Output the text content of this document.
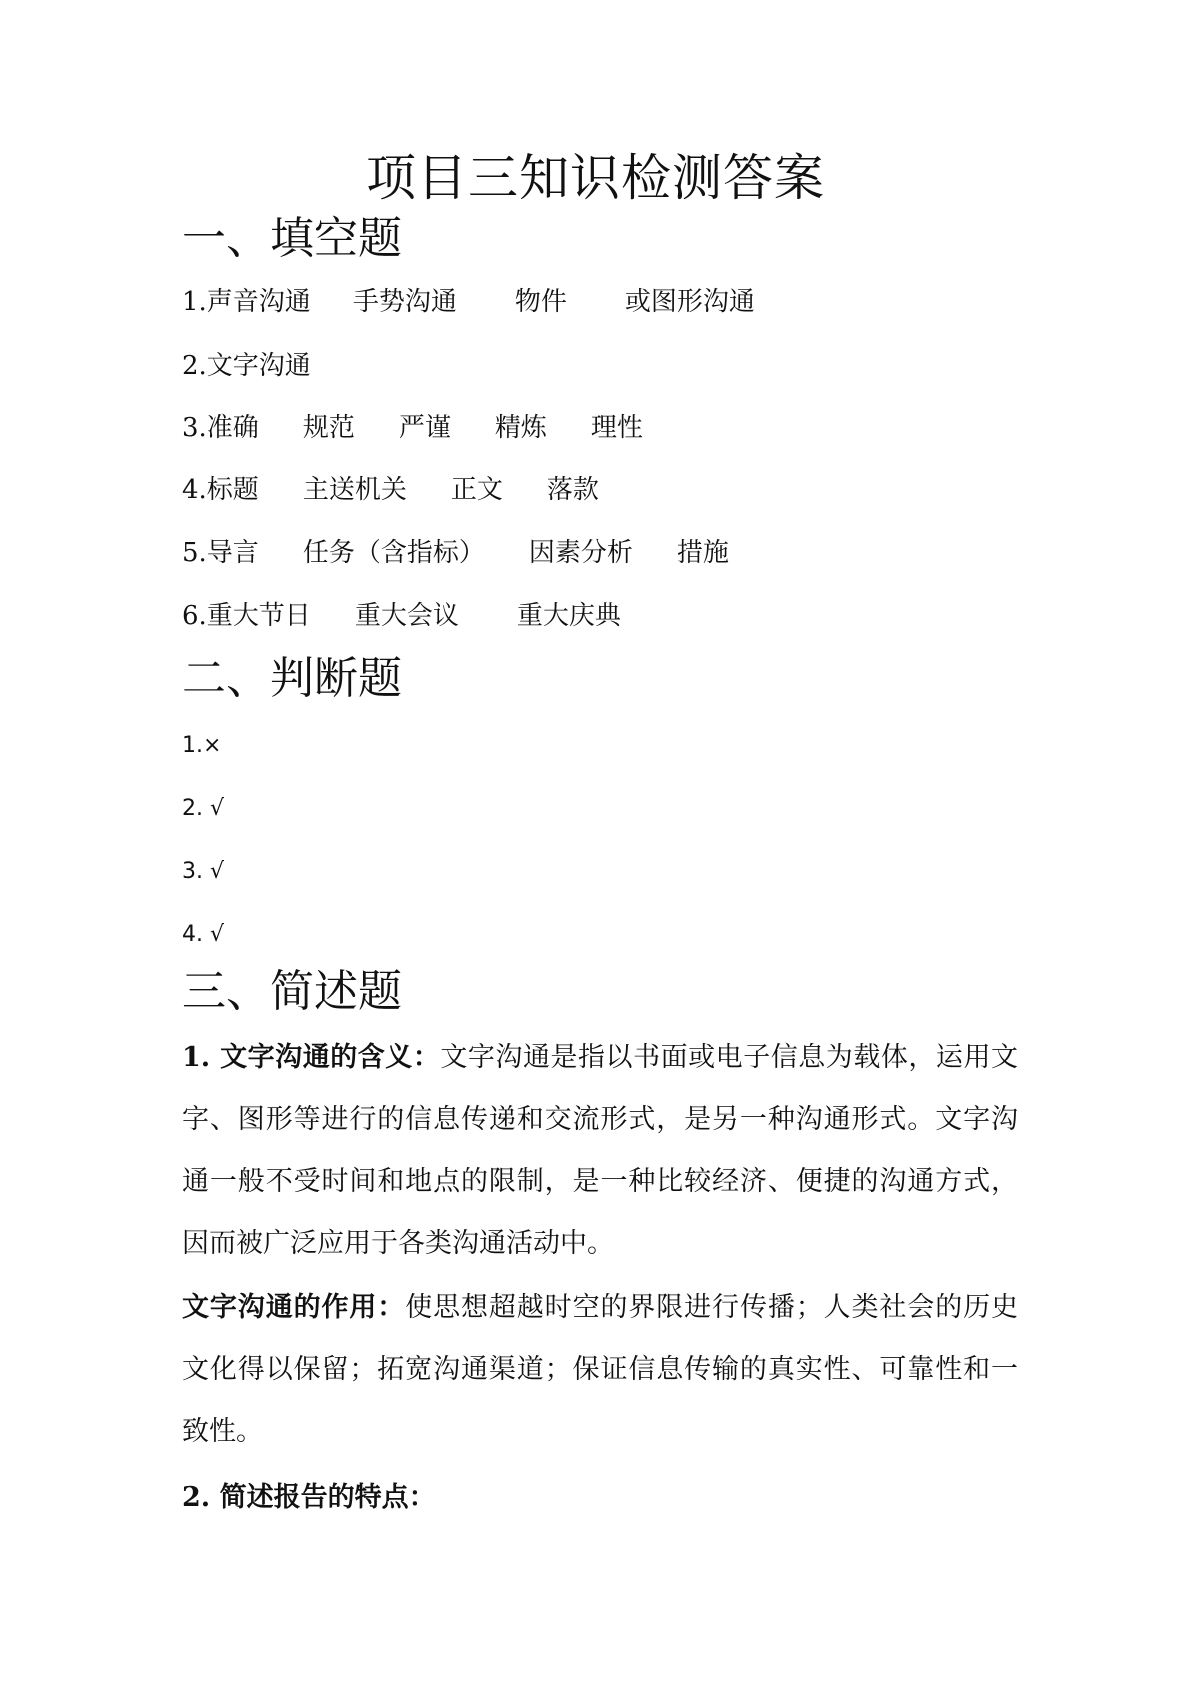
项目三知识检测答案
一、填空题
1.声音沟通 手势沟通 物件 或图形沟通
2.文字沟通
3.准确 规范 严谨 精炼 理性
4.标题 主送机关 正文 落款
5.导言 任务（含指标） 因素分析 措施
6.重大节日 重大会议 重大庆典
二、判断题
1.×
2. √
3. √
4. √
三、简述题

1. 文字沟通的含义：文字沟通是指以书面或电子信息为载体，运用文字、图形等进行的信息传递和交流形式，是另一种沟通形式。文字沟通一般不受时间和地点的限制，是一种比较经济、便捷的沟通方式，因而被广泛应用于各类沟通活动中。

文字沟通的作用：使思想超越时空的界限进行传播；人类社会的历史文化得以保留；拓宽沟通渠道；保证信息传输的真实性、可靠性和一致性。

2. 简述报告的特点：
